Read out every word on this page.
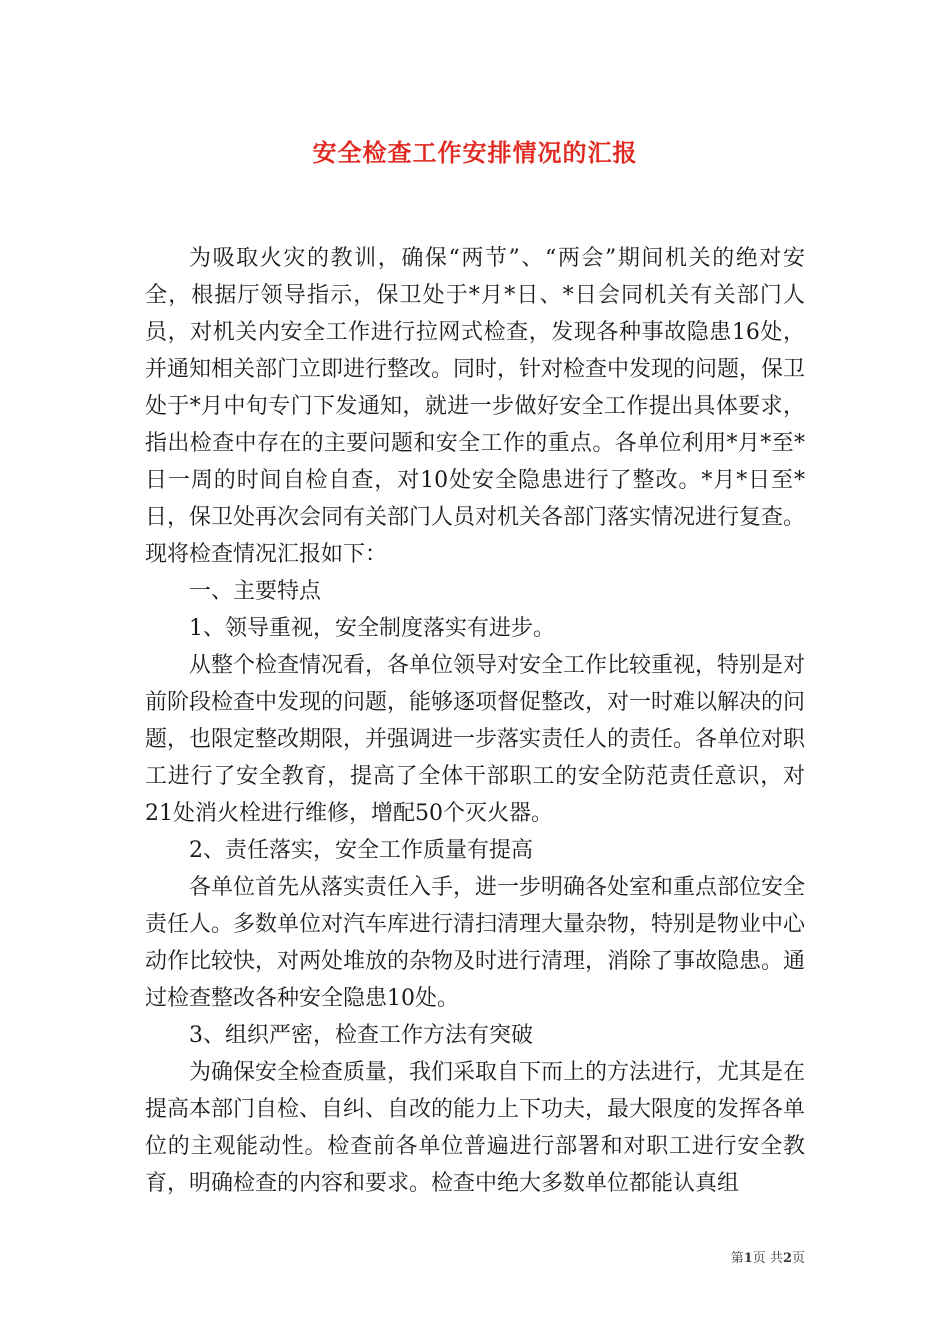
安全检查工作安排情况的汇报

为吸取火灾的教训，确保“两节”、“两会”期间机关的绝对安全，根据厅领导指示，保卫处于*月*日、*日会同机关有关部门人员，对机关内安全工作进行拉网式检查，发现各种事故隐患16处，并通知相关部门立即进行整改。同时，针对检查中发现的问题，保卫处于*月中旬专门下发通知，就进一步做好安全工作提出具体要求，指出检查中存在的主要问题和安全工作的重点。各单位利用*月*至*日一周的时间自检自查，对10处安全隐患进行了整改。*月*日至*日，保卫处再次会同有关部门人员对机关各部门落实情况进行复查。现将检查情况汇报如下：

一、主要特点

1、领导重视，安全制度落实有进步。

从整个检查情况看，各单位领导对安全工作比较重视，特别是对前阶段检查中发现的问题，能够逐项督促整改，对一时难以解决的问题，也限定整改期限，并强调进一步落实责任人的责任。各单位对职工进行了安全教育，提高了全体干部职工的安全防范责任意识，对21处消火栓进行维修，增配50个灭火器。

2、责任落实，安全工作质量有提高

各单位首先从落实责任入手，进一步明确各处室和重点部位安全责任人。多数单位对汽车库进行清扫清理大量杂物，特别是物业中心动作比较快，对两处堆放的杂物及时进行清理，消除了事故隐患。通过检查整改各种安全隐患10处。

3、组织严密，检查工作方法有突破

为确保安全检查质量，我们采取自下而上的方法进行，尤其是在提高本部门自检、自纠、自改的能力上下功夫，最大限度的发挥各单位的主观能动性。检查前各单位普遍进行部署和对职工进行安全教育，明确检查的内容和要求。检查中绝大多数单位都能认真组

第1页 共2页
